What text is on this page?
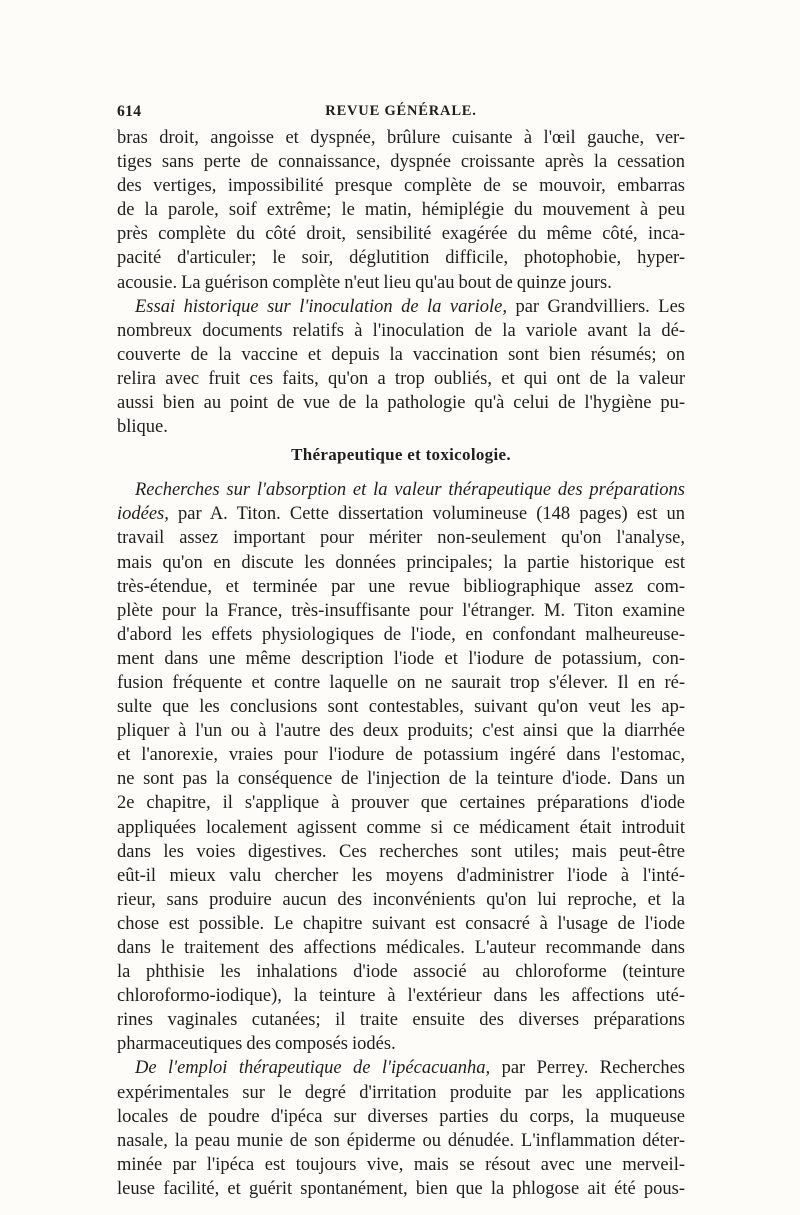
614	REVUE GÉNÉRALE.
bras droit, angoisse et dyspnée, brûlure cuisante à l'œil gauche, ver-
tiges sans perte de connaissance, dyspnée croissante après la cessation
des vertiges, impossibilité presque complète de se mouvoir, embarras
de la parole, soif extrême; le matin, hémiplégie du mouvement à peu
près complète du côté droit, sensibilité exagérée du même côté, inca-
pacité d'articuler; le soir, déglutition difficile, photophobie, hyper-
acousie. La guérison complète n'eut lieu qu'au bout de quinze jours.
Essai historique sur l'inoculation de la variole, par Grandvilliers. Les
nombreux documents relatifs à l'inoculation de la variole avant la dé-
couverte de la vaccine et depuis la vaccination sont bien résumés; on
relira avec fruit ces faits, qu'on a trop oubliés, et qui ont de la valeur
aussi bien au point de vue de la pathologie qu'à celui de l'hygiène pu-
blique.
Thérapeutique et toxicologie.
Recherches sur l'absorption et la valeur thérapeutique des préparations
iodées, par A. Titon. Cette dissertation volumineuse (148 pages) est un
travail assez important pour mériter non-seulement qu'on l'analyse,
mais qu'on en discute les données principales; la partie historique est
très-étendue, et terminée par une revue bibliographique assez com-
plète pour la France, très-insuffisante pour l'étranger. M. Titon examine
d'abord les effets physiologiques de l'iode, en confondant malheureuse-
ment dans une même description l'iode et l'iodure de potassium, con-
fusion fréquente et contre laquelle on ne saurait trop s'élever. Il en ré-
sulte que les conclusions sont contestables, suivant qu'on veut les ap-
pliquer à l'un ou à l'autre des deux produits; c'est ainsi que la diarrhée
et l'anorexie, vraies pour l'iodure de potassium ingéré dans l'estomac,
ne sont pas la conséquence de l'injection de la teinture d'iode. Dans un
2e chapitre, il s'applique à prouver que certaines préparations d'iode
appliquées localement agissent comme si ce médicament était introduit
dans les voies digestives. Ces recherches sont utiles; mais peut-être
eût-il mieux valu chercher les moyens d'administrer l'iode à l'inté-
rieur, sans produire aucun des inconvénients qu'on lui reproche, et la
chose est possible. Le chapitre suivant est consacré à l'usage de l'iode
dans le traitement des affections médicales. L'auteur recommande dans
la phthisie les inhalations d'iode associé au chloroforme (teinture
chloroformo-iodique), la teinture à l'extérieur dans les affections uté-
rines vaginales cutanées; il traite ensuite des diverses préparations
pharmaceutiques des composés iodés.
De l'emploi thérapeutique de l'ipécacuanha, par Perrey. Recherches
expérimentales sur le degré d'irritation produite par les applications
locales de poudre d'ipéca sur diverses parties du corps, la muqueuse
nasale, la peau munie de son épiderme ou dénudée. L'inflammation déter-
minée par l'ipéca est toujours vive, mais se résout avec une merveil-
leuse facilité, et guérit spontanément, bien que la phlogose ait été pous-
